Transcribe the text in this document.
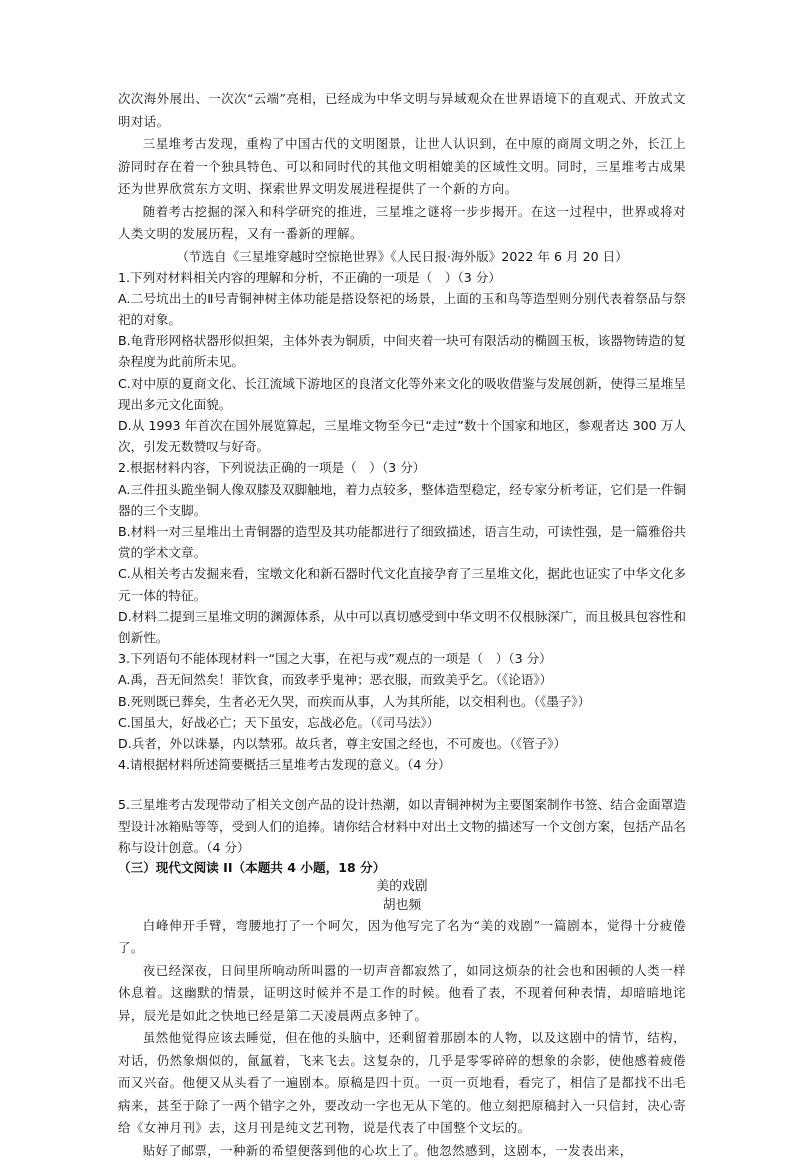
次次海外展出、一次次“云端”亮相，已经成为中华文明与异域观众在世界语境下的直观式、开放式文明对话。

三星堆考古发现，重构了中国古代的文明图景，让世人认识到，在中原的商周文明之外，长江上游同时存在着一个独具特色、可以和同时代的其他文明相媲美的区域性文明。同时，三星堆考古成果还为世界欣赏东方文明、探索世界文明发展进程提供了一个新的方向。

随着考古挖掘的深入和科学研究的推进，三星堆之谜将一步步揭开。在这一过程中，世界或将对人类文明的发展历程，又有一番新的理解。

（节选自《三星堆穿越时空惊艳世界》《人民日报·海外版》2022 年 6 月 20 日）

1.下列对材料相关内容的理解和分析，不正确的一项是（　）（3 分）

A.二号坑出土的Ⅱ号青铜神树主体功能是搭设祭祀的场景，上面的玉和鸟等造型则分别代表着祭品与祭祀的对象。

B.龟背形网格状器形似担架，主体外表为铜质，中间夹着一块可有限活动的椭圆玉板，该器物铸造的复杂程度为此前所未见。

C.对中原的夏商文化、长江流域下游地区的良渚文化等外来文化的吸收借鉴与发展创新，使得三星堆呈现出多元文化面貌。

D.从 1993 年首次在国外展览算起，三星堆文物至今已“走过”数十个国家和地区，参观者达 300 万人次，引发无数赞叹与好奇。

2.根据材料内容，下列说法正确的一项是（　）（3 分）

A.三件扭头跪坐铜人像双膝及双脚触地，着力点较多，整体造型稳定，经专家分析考证，它们是一件铜器的三个支脚。

B.材料一对三星堆出土青铜器的造型及其功能都进行了细致描述，语言生动，可读性强，是一篇雅俗共赏的学术文章。

C.从相关考古发掘来看，宝墩文化和新石器时代文化直接孕育了三星堆文化，据此也证实了中华文化多元一体的特征。

D.材料二提到三星堆文明的渊源体系，从中可以真切感受到中华文明不仅根脉深广，而且极具包容性和创新性。

3.下列语句不能体现材料一“国之大事，在祀与戎”观点的一项是（　）（3 分）

A.禹，吾无间然矣！菲饮食，而致孝乎鬼神；恶衣服，而致美乎乞。（《论语》）

B.死则既已葬矣，生者必无久哭，而疾而从事，人为其所能，以交相利也。（《墨子》）

C.国虽大，好战必亡；天下虽安，忘战必危。（《司马法》）

D.兵者，外以诛暴，内以禁邪。故兵者，尊主安国之经也，不可废也。（《管子》）

4.请根据材料所述简要概括三星堆考古发现的意义。（4 分）

5.三星堆考古发现带动了相关文创产品的设计热潮，如以青铜神树为主要图案制作书签、结合金面罩造型设计冰箱贴等等，受到人们的追捧。请你结合材料中对出土文物的描述写一个文创方案，包括产品名称与设计创意。（4 分）

（三）现代文阅读 II（本题共 4 小题，18 分）

美的戏剧

胡也频

白峰伸开手臂，弯腰地打了一个呵欠，因为他写完了名为“美的戏剧”一篇剧本，觉得十分疲倦了。

夜已经深夜，日间里所响动所叫嚣的一切声音都寂然了，如同这烦杂的社会也和困顿的人类一样休息着。这幽默的情景，证明这时候并不是工作的时候。他看了表，不现着何种表情，却暗暗地诧异，辰光是如此之快地已经是第二天凌晨两点多钟了。

虽然他觉得应该去睡觉，但在他的头脑中，还剩留着那剧本的人物，以及这剧中的情节，结构，对话，仍然象烟似的，氤氲着，飞来飞去。这复杂的，几乎是零零碎碎的想象的余影，使他感着疲倦而又兴奋。他便又从头看了一遍剧本。原稿是四十页。一页一页地看，看完了，相信了是都找不出毛病来，甚至于除了一两个错字之外，要改动一字也无从下笔的。他立刻把原稿封入一只信封，决心寄给《女神月刊》去，这月刊是纯文艺刊物，说是代表了中国整个文坛的。

贴好了邮票，一种新的希望便落到他的心坎上了。他忽然感到，这剧本，一发表出来，
